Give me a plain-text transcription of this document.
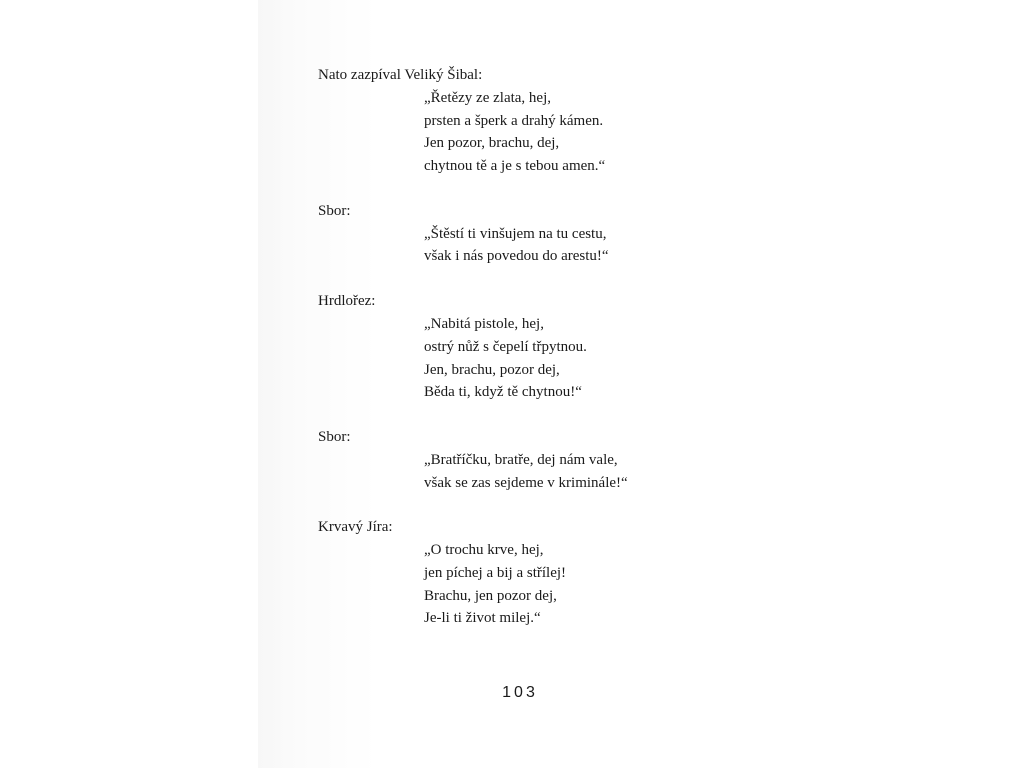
Nato zazpíval Veliký Šibal:
„Řetězy ze zlata, hej,
prsten a šperk a drahý kámen.
Jen pozor, brachu, dej,
chytnou tě a je s tebou amen.“
Sbor:
„Štěstí ti vinšujem na tu cestu,
však i nás povedou do arestu!“
Hrdlořez:
„Nabitá pistole, hej,
ostrý nůž s čepelí třpytnou.
Jen, brachu, pozor dej,
Běda ti, když tě chytnou!“
Sbor:
„Bratříčku, bratře, dej nám vale,
však se zas sejdeme v kriminále!“
Krvavý Jíra:
„O trochu krve, hej,
jen píchej a bij a střílej!
Brachu, jen pozor dej,
Je-li ti život milej.“
103
